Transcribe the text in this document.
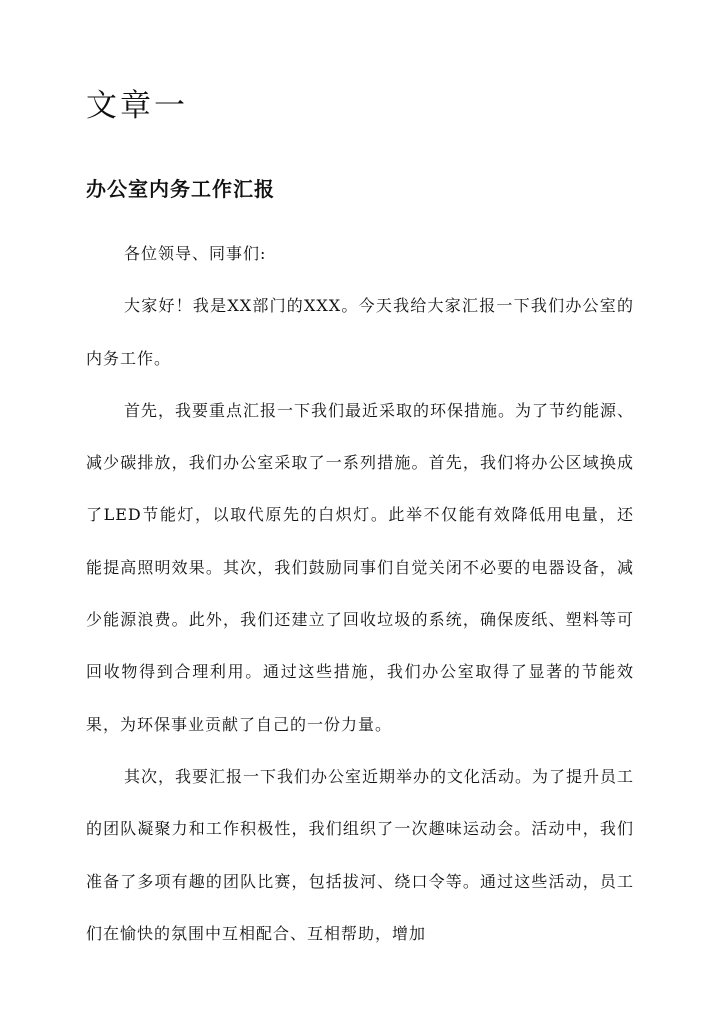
文章一
办公室内务工作汇报

各位领导、同事们:

大家好！我是XX部门的XXX。今天我给大家汇报一下我们办公室的内务工作。

首先，我要重点汇报一下我们最近采取的环保措施。为了节约能源、减少碳排放，我们办公室采取了一系列措施。首先，我们将办公区域换成了LED节能灯，以取代原先的白炽灯。此举不仅能有效降低用电量，还能提高照明效果。其次，我们鼓励同事们自觉关闭不必要的电器设备，减少能源浪费。此外，我们还建立了回收垃圾的系统，确保废纸、塑料等可回收物得到合理利用。通过这些措施，我们办公室取得了显著的节能效果，为环保事业贡献了自己的一份力量。

其次，我要汇报一下我们办公室近期举办的文化活动。为了提升员工的团队凝聚力和工作积极性，我们组织了一次趣味运动会。活动中，我们准备了多项有趣的团队比赛，包括拔河、绕口令等。通过这些活动，员工们在愉快的氛围中互相配合、互相帮助，增加
